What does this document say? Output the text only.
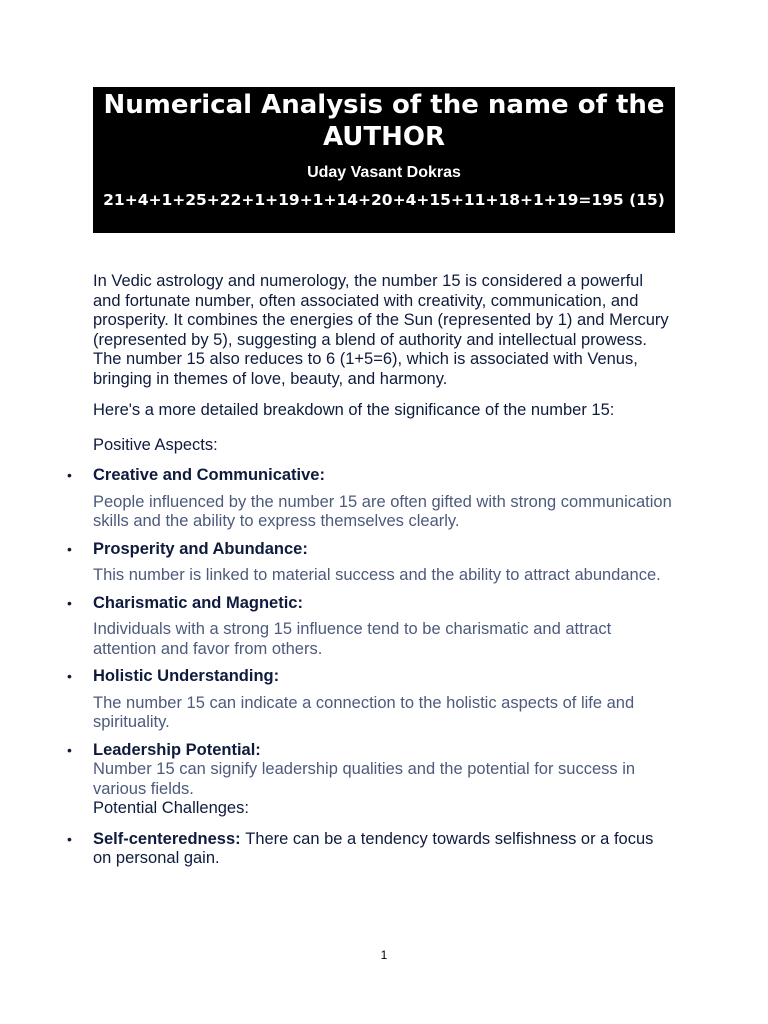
Numerical Analysis of the name of the AUTHOR
Uday Vasant Dokras
21+4+1+25+22+1+19+1+14+20+4+15+11+18+1+19=195 (15)

In Vedic astrology and numerology, the number 15 is considered a powerful and fortunate number, often associated with creativity, communication, and prosperity. It combines the energies of the Sun (represented by 1) and Mercury (represented by 5), suggesting a blend of authority and intellectual prowess. The number 15 also reduces to 6 (1+5=6), which is associated with Venus, bringing in themes of love, beauty, and harmony.

Here's a more detailed breakdown of the significance of the number 15:

Positive Aspects:

• Creative and Communicative:
People influenced by the number 15 are often gifted with strong communication skills and the ability to express themselves clearly.
• Prosperity and Abundance:
This number is linked to material success and the ability to attract abundance.
• Charismatic and Magnetic:
Individuals with a strong 15 influence tend to be charismatic and attract attention and favor from others.
• Holistic Understanding:
The number 15 can indicate a connection to the holistic aspects of life and spirituality.
• Leadership Potential:
Number 15 can signify leadership qualities and the potential for success in various fields.

Potential Challenges:

• Self-centeredness: There can be a tendency towards selfishness or a focus on personal gain.
1
